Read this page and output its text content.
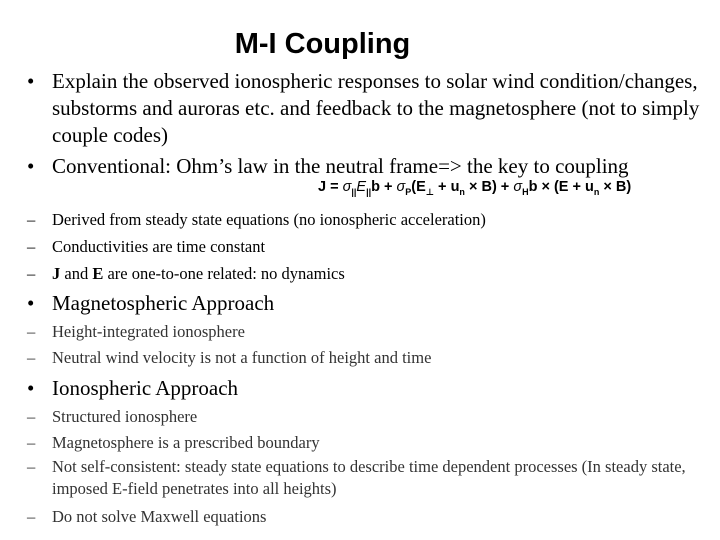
M-I Coupling
• Explain the observed ionospheric responses to solar wind condition/changes, substorms and auroras etc. and feedback to the magnetosphere (not to simply couple codes)
• Conventional: Ohm’s law in the neutral frame=> the key to coupling
$J = \sigma_{||}E_{||}b + \sigma_P(E_\perp + u_n \times B) + \sigma_Hb \times (E + u_n \times B)$
–	Derived from steady state equations (no ionospheric acceleration)
–	Conductivities are time constant
–	J and E are one-to-one related: no dynamics
• Magnetospheric Approach
–	Height-integrated ionosphere
–	Neutral wind velocity is not a function of height and time
• Ionospheric Approach
–	Structured ionosphere
–	Magnetosphere is a prescribed boundary
–	Not self-consistent: steady state equations to describe time dependent processes (In steady state, imposed E-field penetrates into all heights)
–	Do not solve Maxwell equations
